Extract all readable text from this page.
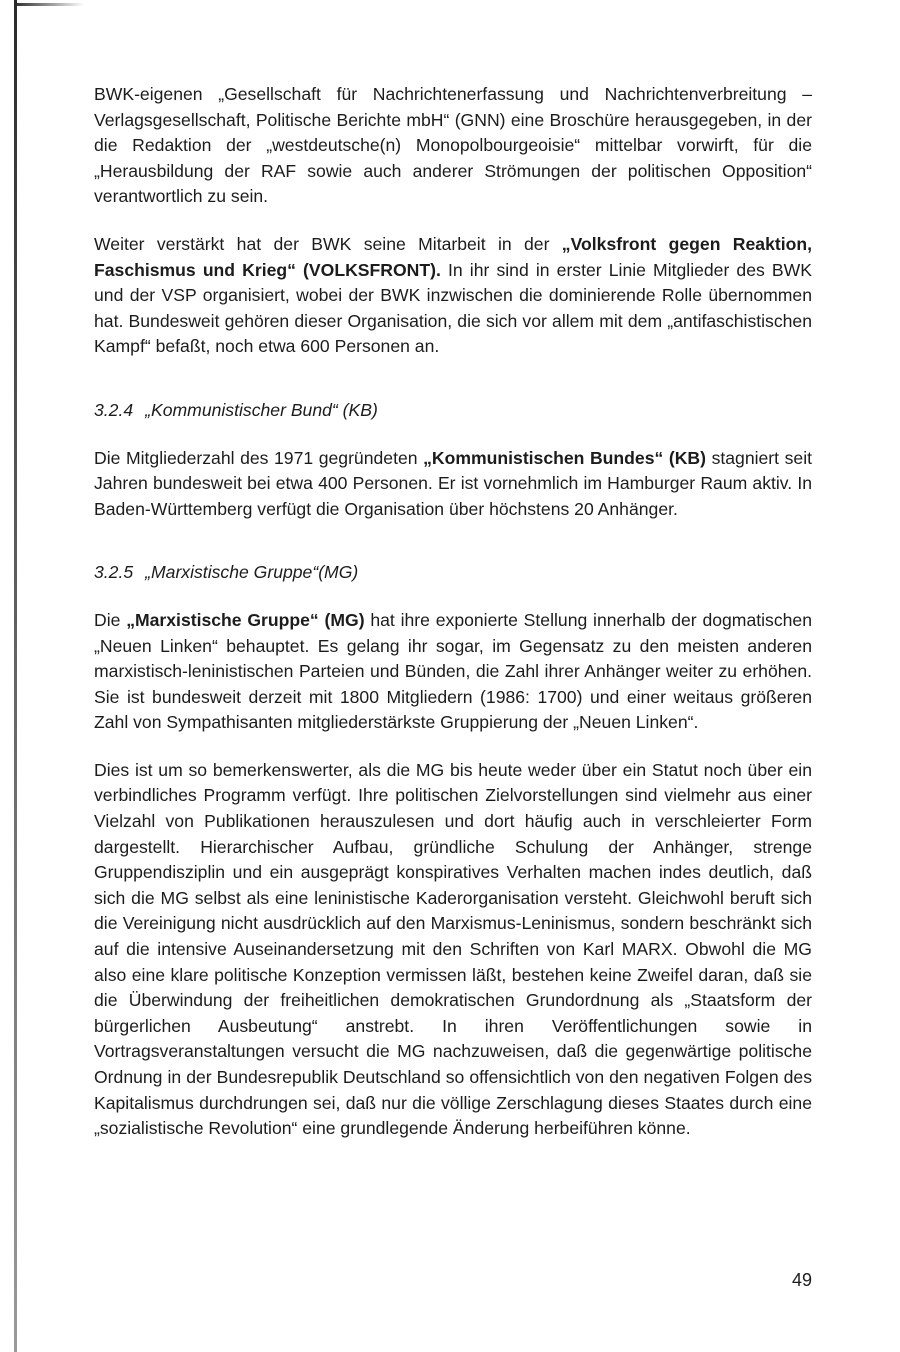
BWK-eigenen „Gesellschaft für Nachrichtenerfassung und Nachrichtenverbreitung – Verlagsgesellschaft, Politische Berichte mbH“ (GNN) eine Broschüre herausgegeben, in der die Redaktion der „westdeutsche(n) Monopolbourgeoisie“ mittelbar vorwirft, für die „Herausbildung der RAF sowie auch anderer Strömungen der politischen Opposition“ verantwortlich zu sein.

Weiter verstärkt hat der BWK seine Mitarbeit in der „Volksfront gegen Reaktion, Faschismus und Krieg“ (VOLKSFRONT). In ihr sind in erster Linie Mitglieder des BWK und der VSP organisiert, wobei der BWK inzwischen die dominierende Rolle übernommen hat. Bundesweit gehören dieser Organisation, die sich vor allem mit dem „antifaschistischen Kampf“ befaßt, noch etwa 600 Personen an.

3.2.4 „Kommunistischer Bund“ (KB)

Die Mitgliederzahl des 1971 gegründeten „Kommunistischen Bundes“ (KB) stagniert seit Jahren bundesweit bei etwa 400 Personen. Er ist vornehmlich im Hamburger Raum aktiv. In Baden-Württemberg verfügt die Organisation über höchstens 20 Anhänger.

3.2.5 „Marxistische Gruppe“(MG)

Die „Marxistische Gruppe“ (MG) hat ihre exponierte Stellung innerhalb der dogmatischen „Neuen Linken“ behauptet. Es gelang ihr sogar, im Gegensatz zu den meisten anderen marxistisch-leninistischen Parteien und Bünden, die Zahl ihrer Anhänger weiter zu erhöhen. Sie ist bundesweit derzeit mit 1800 Mitgliedern (1986: 1700) und einer weitaus größeren Zahl von Sympathisanten mitgliederstärkste Gruppierung der „Neuen Linken“.

Dies ist um so bemerkenswerter, als die MG bis heute weder über ein Statut noch über ein verbindliches Programm verfügt. Ihre politischen Zielvorstellungen sind vielmehr aus einer Vielzahl von Publikationen herauszulesen und dort häufig auch in verschleierter Form dargestellt. Hierarchischer Aufbau, gründliche Schulung der Anhänger, strenge Gruppendisziplin und ein ausgeprägt konspiratives Verhalten machen indes deutlich, daß sich die MG selbst als eine leninistische Kaderorganisation versteht. Gleichwohl beruft sich die Vereinigung nicht ausdrücklich auf den Marxismus-Leninismus, sondern beschränkt sich auf die intensive Auseinandersetzung mit den Schriften von Karl MARX. Obwohl die MG also eine klare politische Konzeption vermissen läßt, bestehen keine Zweifel daran, daß sie die Überwindung der freiheitlichen demokratischen Grundordnung als „Staatsform der bürgerlichen Ausbeutung“ anstrebt. In ihren Veröffentlichungen sowie in Vortragsveranstaltungen versucht die MG nachzuweisen, daß die gegenwärtige politische Ordnung in der Bundesrepublik Deutschland so offensichtlich von den negativen Folgen des Kapitalismus durchdrungen sei, daß nur die völlige Zerschlagung dieses Staates durch eine „sozialistische Revolution“ eine grundlegende Änderung herbeiführen könne.

49
